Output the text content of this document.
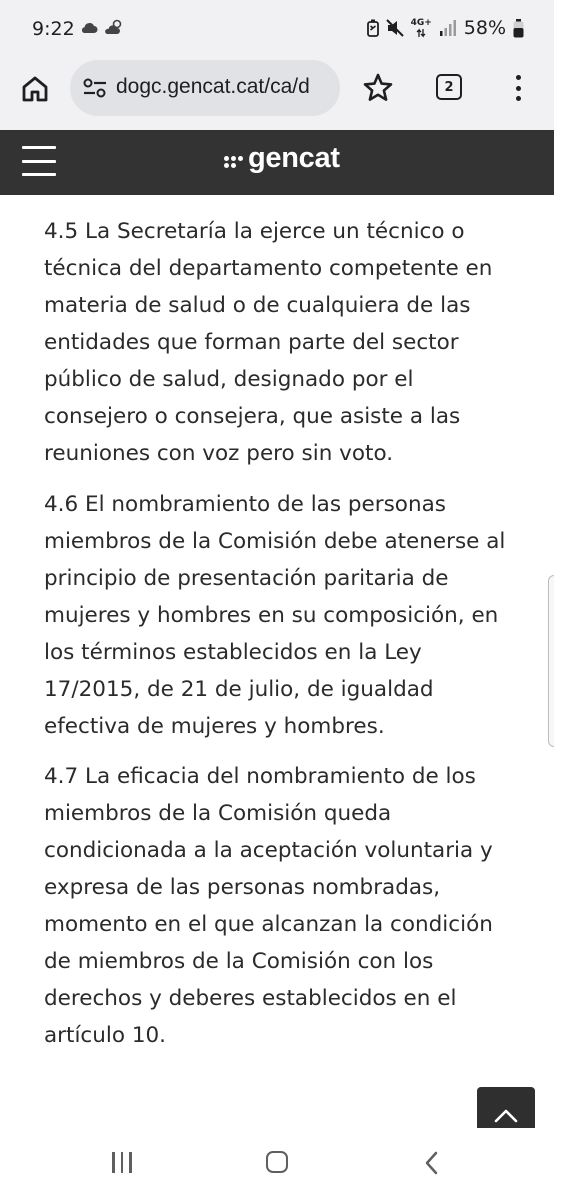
9:22	4G+ 58%
dogc.gencat.cat/ca/d	2
gencat

4.5 La Secretaría la ejerce un técnico o
técnica del departamento competente en
materia de salud o de cualquiera de las
entidades que forman parte del sector
público de salud, designado por el
consejero o consejera, que asiste a las
reuniones con voz pero sin voto.

4.6 El nombramiento de las personas
miembros de la Comisión debe atenerse al
principio de presentación paritaria de
mujeres y hombres en su composición, en
los términos establecidos en la Ley
17/2015, de 21 de julio, de igualdad
efectiva de mujeres y hombres.

4.7 La eficacia del nombramiento de los
miembros de la Comisión queda
condicionada a la aceptación voluntaria y
expresa de las personas nombradas,
momento en el que alcanzan la condición
de miembros de la Comisión con los
derechos y deberes establecidos en el
artículo 10.
